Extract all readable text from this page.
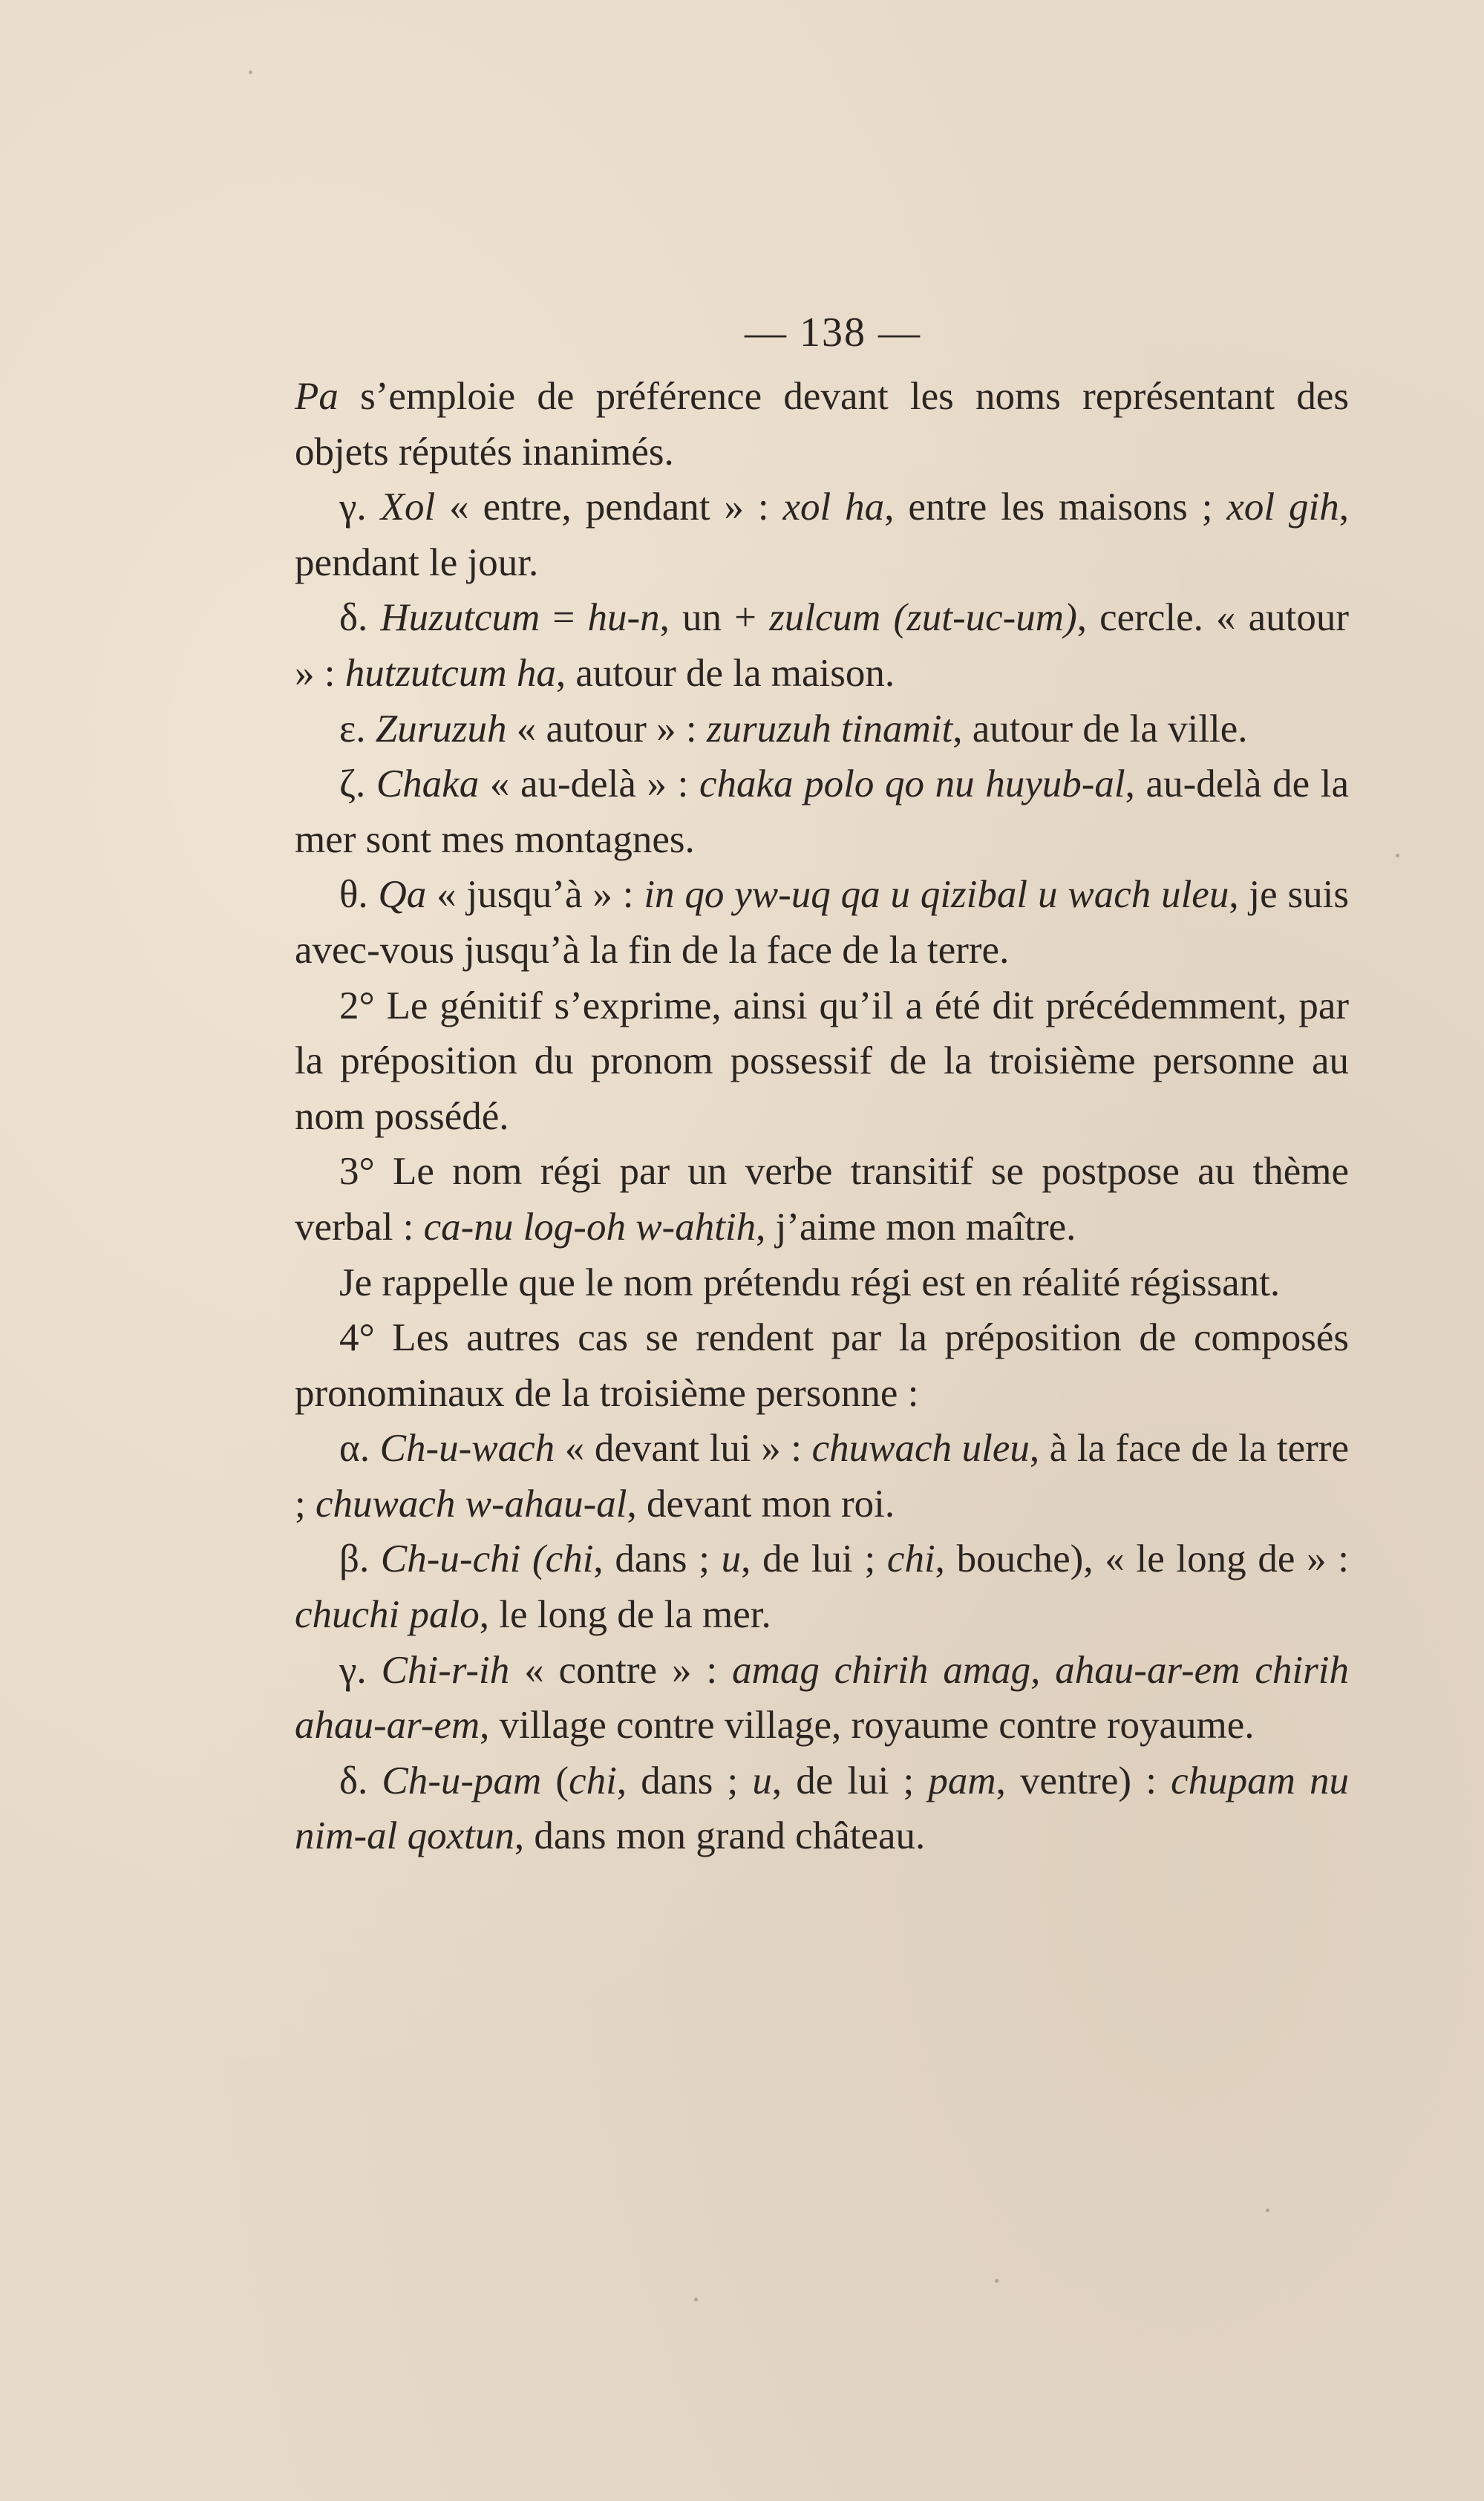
— 138 —

Pa s’emploie de préférence devant les noms représentant des objets réputés inanimés.

γ. Xol « entre, pendant » : xol ha, entre les maisons ; xol gih, pendant le jour.

δ. Huzutcum = hu-n, un + zulcum (zut-uc-um), cercle. « autour » : hutzutcum ha, autour de la maison.

ε. Zuruzuh « autour » : zuruzuh tinamit, autour de la ville.

ζ. Chaka « au-delà » : chaka polo qo nu huyub-al, au-delà de la mer sont mes montagnes.

θ. Qa « jusqu’à » : in qo yw-uq qa u qizibal u wach uleu, je suis avec-vous jusqu’à la fin de la face de la terre.

2° Le génitif s’exprime, ainsi qu’il a été dit précédemment, par la préposition du pronom possessif de la troisième personne au nom possédé.

3° Le nom régi par un verbe transitif se postpose au thème verbal : ca-nu log-oh w-ahtih, j’aime mon maître.

Je rappelle que le nom prétendu régi est en réalité régissant.

4° Les autres cas se rendent par la préposition de composés pronominaux de la troisième personne :

α. Ch-u-wach « devant lui » : chuwach uleu, à la face de la terre ; chuwach w-ahau-al, devant mon roi.

β. Ch-u-chi (chi, dans ; u, de lui ; chi, bouche), « le long de » : chuchi palo, le long de la mer.

γ. Chi-r-ih « contre » : amag chirih amag, ahau-ar-em chirih ahau-ar-em, village contre village, royaume contre royaume.

δ. Ch-u-pam (chi, dans ; u, de lui ; pam, ventre) : chupam nu nim-al qoxtun, dans mon grand château.
